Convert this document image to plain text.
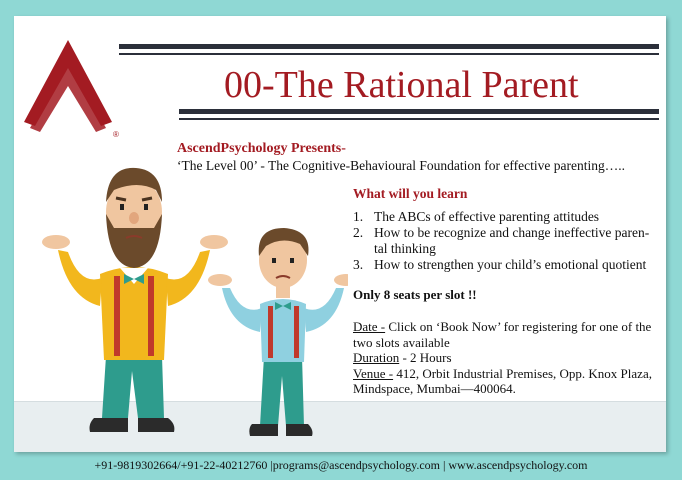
®
00-The Rational Parent
AscendPsychology Presents-
‘The Level 00’ - The Cognitive-Behavioural Foundation for effective parenting…..
What will you learn
1. The ABCs of effective parenting attitudes
2. How to be recognize and change ineffective paren-tal thinking
3. How to strengthen your child’s emotional quotient
Only 8 seats per slot !!
Date - Click on ‘Book Now’ for registering for one of the two slots available
Duration - 2 Hours
Venue - 412, Orbit Industrial Premises, Opp. Knox Plaza, Mindspace, Mumbai—400064.
+91-9819302664/+91-22-40212760 |programs@ascendpsychology.com | www.ascendpsychology.com
